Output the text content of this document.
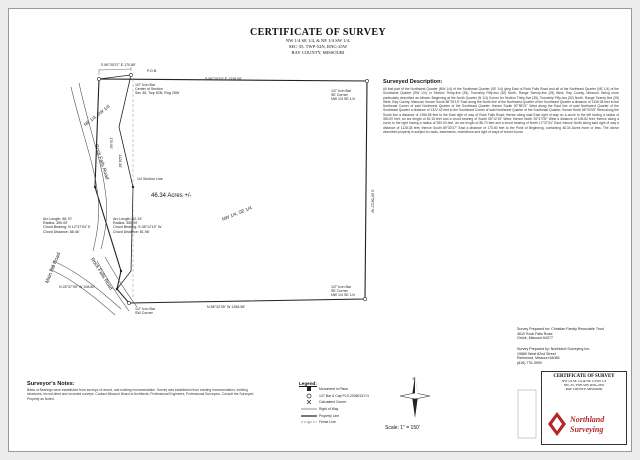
CERTIFICATE OF SURVEY
NW 1/4 SE 1/4, & NE 1/4 SW 1/4,
SEC-35, TWP-52N, RNG-25W
RAY COUNTY, MISSOURI
46.34 Acres +/-
NW 1/4, SE 1/4
NE 1/4, SW 1/4
Rock Falls Road
Rock Falls Road
Main Hill Road
P.O.B.
1/2" Iron Bar
Center of Section
Sec 35, Twp 52N, Rng 25W
1/2" Iron Bar
SE Corner
NW 1/4 SE 1/4
1/2" Iron Bar
SE Corner
NW 1/4 SE 1/4
1/2" Iron Bar
SW Corner
S 86°29'19" E 1338.08'
N 86°32'05" W 1356.58'
S 00°58'21" W
S 89°30'37" E 170.80'
1/4 Section Line
Arc Length: 88.70'
Radius: 350.00'
Chord Bearing: N 12°37'04" E
Chord Distance: 88.46'
Arc Length: 82.15'
Radius: 350.00'
Chord Bearing: S 08°12'15" W
Chord Distance: 81.96'
N 26°37'05" W 108.82'
170.00'
1128.38'
Surveyed Description:

All that part of the Northwest Quarter (NW 1/4) of the Southeast Quarter (SE 1/4) lying East of Rock Falls Road and all of the Northeast Quarter (NE 1/4) of the Southwest Quarter (SW 1/4), in Section Thirty-five (35), Township Fifty-two (52) North, Range Twenty-five (25) West, Ray County, Missouri. Being more particularly described as follows: Beginning at the North Quarter (N 1/4) Corner for Section Thirty-five (35), Township Fifty-two (52) North, Range Twenty-five (25) West, Ray County, Missouri; thence South 86°29'19" East along the North line of the Northwest Quarter of the Southeast Quarter a distance of 1338.08 feet to the Northeast Corner of said Northwest Quarter of the Southeast Quarter; thence South 00°58'21" West along the East line of said Northwest Quarter of the Southeast Quarter a distance of 1322.42 feet to the Southeast Corner of said Northwest Quarter of the Southeast Quarter; thence North 86°32'05" West along the South line a distance of 1356.58 feet to the East right of way of Rock Falls Road; thence along said East right of way on a curve to the left having a radius of 350.00 feet, an arc length of 82.15 feet and a chord bearing of South 08°12'15" West; thence North 26°37'05" West a distance of 108.82 feet; thence along a curve to the right having a radius of 350.00 feet, an arc length of 88.70 feet and a chord bearing of North 12°37'04" East; thence North along said right of way a distance of 1128.38 feet; thence South 89°30'37" East a distance of 170.80 feet to the Point of Beginning, containing 46.34 Acres more or less. The above described property is subject to roads, easements, restrictions and right of ways of record found.

Survey Prepared for: Christian Family Revocable Trust
4610 Rock Falls Road
Orrick, Missouri 64077
Survey Prepared by: Northland Surveying Inc.
19889 West 82nd Street
Richmond, Missouri 64085
(816) 776-3999
Surveyor's Notes:

Basis of Bearings were established from surveys of record, and existing monumentation. Survey was established from existing monumentation, existing structures, record deed and recorded surveys. Contact Missouri Board of Architects, Professional Engineers, Professional Surveyors. Consult the Surveyed Property as Noted.

Legend:
Monument in Place
1/2" Bar & Cap PLS-2008013174
Calculated Corner
Right of Way
Property Line
x	Fence Line
N
Scale: 1" = 150'
CERTIFICATE OF SURVEY
NW 1/4 SE 1/4, & NE 1/4 SW 1/4
SEC-35, TWP-52N, RNG-25W
RAY COUNTY, MISSOURI
Northland
Surveying
